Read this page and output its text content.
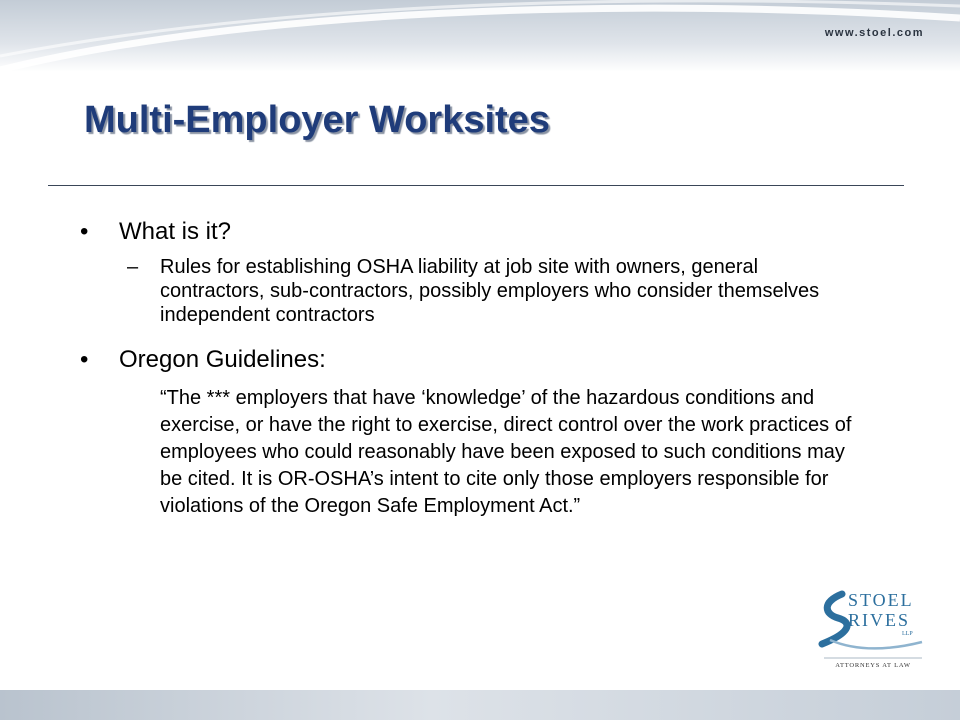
www.stoel.com
Multi-Employer Worksites
• What is it?
– Rules for establishing OSHA liability at job site with owners, general contractors, sub-contractors, possibly employers who consider themselves independent contractors
• Oregon Guidelines:
“The *** employers that have ‘knowledge’ of the hazardous conditions and exercise, or have the right to exercise, direct control over the work practices of employees who could reasonably have been exposed to such conditions may be cited. It is OR-OSHA’s intent to cite only those employers responsible for violations of the Oregon Safe Employment Act.”
STOEL
RIVES
LLP
ATTORNEYS AT LAW
